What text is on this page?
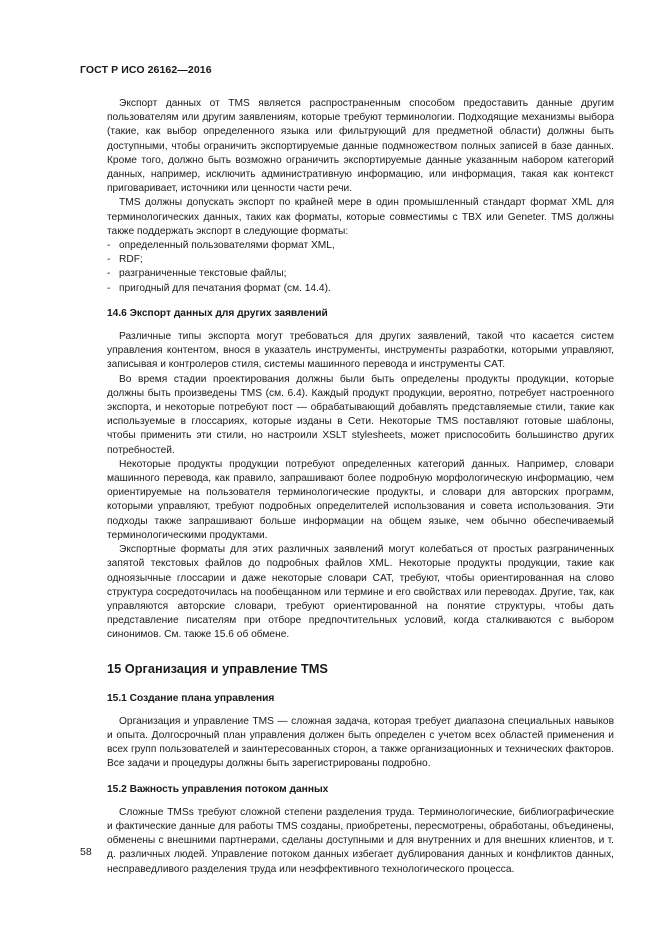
ГОСТ Р ИСО 26162—2016

Экспорт данных от TMS является распространенным способом предоставить данные другим пользователям или другим заявлениям, которые требуют терминологии. Подходящие механизмы выбора (такие, как выбор определенного языка или фильтрующий для предметной области) должны быть доступными, чтобы ограничить экспортируемые данные подмножеством полных записей в базе данных. Кроме того, должно быть возможно ограничить экспортируемые данные указанным набором категорий данных, например, исключить административную информацию, или информация, такая как контекст приговаривает, источники или ценности части речи.

TMS должны допускать экспорт по крайней мере в один промышленный стандарт формат XML для терминологических данных, таких как форматы, которые совместимы с TBX или Geneter. TMS должны также поддержать экспорт в следующие форматы:

- определенный пользователями формат XML,
- RDF;
- разграниченные текстовые файлы;
- пригодный для печатания формат (см. 14.4).
14.6 Экспорт данных для других заявлений

Различные типы экспорта могут требоваться для других заявлений, такой что касается систем управления контентом, внося в указатель инструменты, инструменты разработки, которыми управляют, записывая и контролеров стиля, системы машинного перевода и инструменты CAT.

Во время стадии проектирования должны были быть определены продукты продукции, которые должны быть произведены TMS (см. 6.4). Каждый продукт продукции, вероятно, потребует настроенного экспорта, и некоторые потребуют пост — обрабатывающий добавлять представляемые стили, такие как используемые в глоссариях, которые изданы в Сети. Некоторые TMS поставляют готовые шаблоны, чтобы применить эти стили, но настроили XSLT stylesheets, может приспособить большинство других потребностей.

Некоторые продукты продукции потребуют определенных категорий данных. Например, словари машинного перевода, как правило, запрашивают более подробную морфологическую информацию, чем ориентируемые на пользователя терминологические продукты, и словари для авторских программ, которыми управляют, требуют подробных определителей использования и совета использования. Эти подходы также запрашивают больше информации на общем языке, чем обычно обеспечиваемый терминологическими продуктами.

Экспортные форматы для этих различных заявлений могут колебаться от простых разграниченных запятой текстовых файлов до подробных файлов XML. Некоторые продукты продукции, такие как одноязычные глоссарии и даже некоторые словари CAT, требуют, чтобы ориентированная на слово структура сосредоточилась на пообещанном или термине и его свойствах или переводах. Другие, так, как управляются авторские словари, требуют ориентированной на понятие структуры, чтобы дать представление писателям при отборе предпочтительных условий, когда сталкиваются с выбором синонимов. См. также 15.6 об обмене.

15 Организация и управление TMS
15.1 Создание плана управления

Организация и управление TMS — сложная задача, которая требует диапазона специальных навыков и опыта. Долгосрочный план управления должен быть определен с учетом всех областей применения и всех групп пользователей и заинтересованных сторон, а также организационных и технических факторов. Все задачи и процедуры должны быть зарегистрированы подробно.

15.2 Важность управления потоком данных

Сложные TMSs требуют сложной степени разделения труда. Терминологические, библиографические и фактические данные для работы TMS созданы, приобретены, пересмотрены, обработаны, объединены, обменены с внешними партнерами, сделаны доступными и для внутренних и для внешних клиентов, и т. д. различных людей. Управление потоком данных избегает дублирования данных и конфликтов данных, несправедливого разделения труда или неэффективного технологического процесса.

58
